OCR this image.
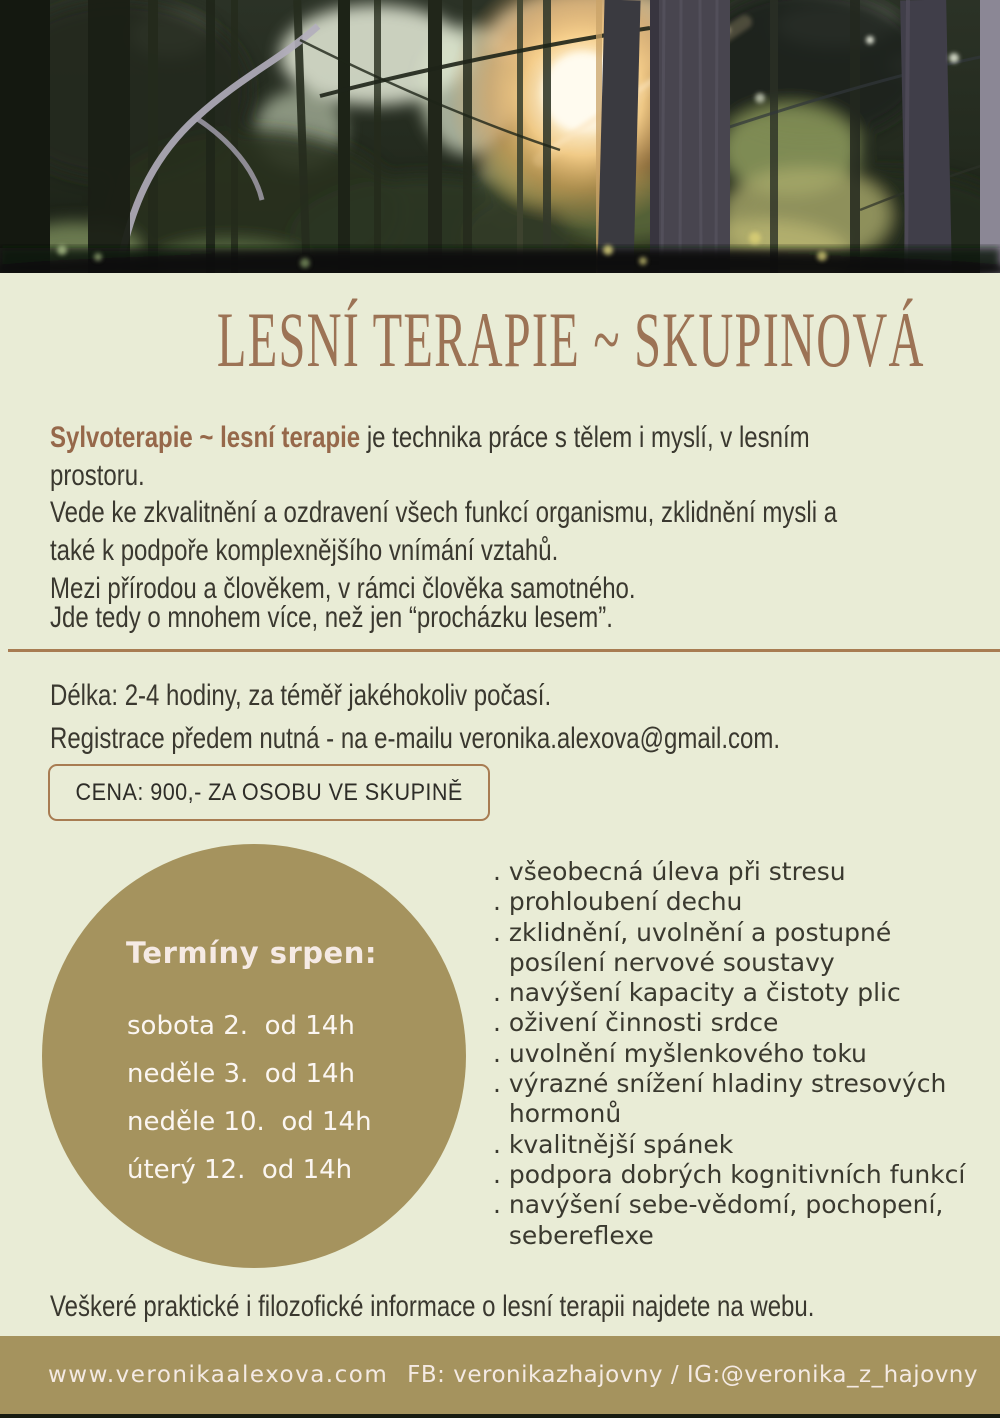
LESNÍ TERAPIE ~ SKUPINOVÁ
Sylvoterapie ~ lesní terapie je technika práce s tělem i myslí, v lesním
prostoru.
Vede ke zkvalitnění a ozdravení všech funkcí organismu, zklidnění mysli a
také k podpoře komplexnějšího vnímání vztahů.
Mezi přírodou a člověkem, v rámci člověka samotného.
Jde tedy o mnohem více, než jen “procházku lesem”.
Délka: 2-4 hodiny, za téměř jakéhokoliv počasí.
Registrace předem nutná - na e-mailu veronika.alexova@gmail.com.
CENA: 900,- ZA OSOBU VE SKUPINĚ
Termíny srpen:
sobota 2.  od 14h
neděle 3.  od 14h
neděle 10.  od 14h
úterý 12.  od 14h
. všeobecná úleva při stresu
. prohloubení dechu
. zklidnění, uvolnění a postupné
posílení nervové soustavy
. navýšení kapacity a čistoty plic
. oživení činnosti srdce
. uvolnění myšlenkového toku
. výrazné snížení hladiny stresových
hormonů
. kvalitnější spánek
. podpora dobrých kognitivních funkcí
. navýšení sebe-vědomí, pochopení,
sebereflexe
Veškeré praktické i filozofické informace o lesní terapii najdete na webu.
www.veronikaalexova.com FB: veronikazhajovny / IG:@veronika_z_hajovny
